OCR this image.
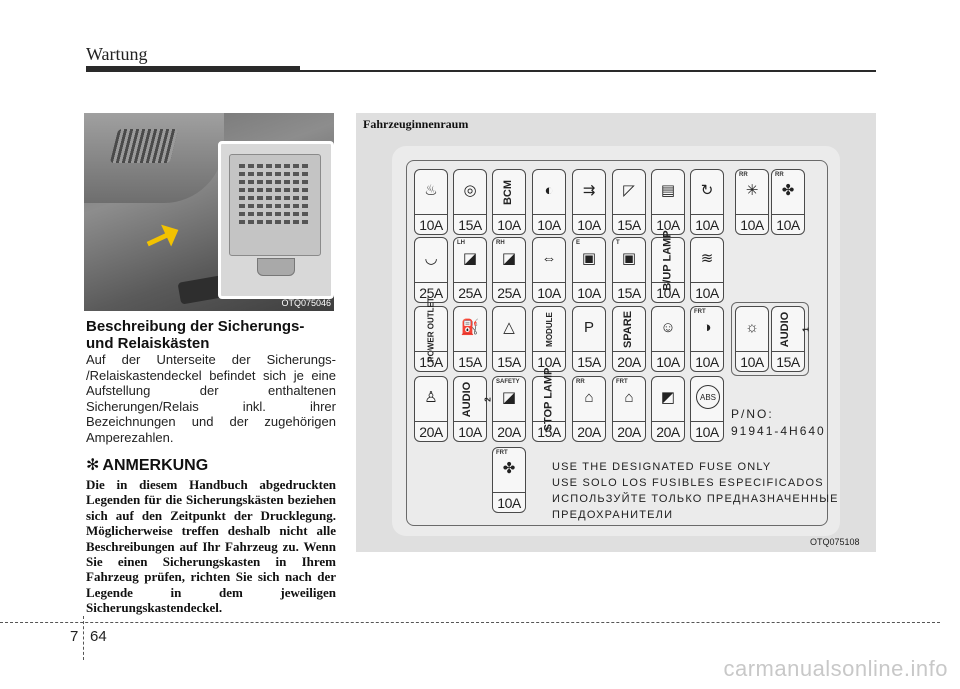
Wartung
OTQ075046
Beschreibung der Sicherungs- und Relaiskästen
Auf der Unterseite der Sicherungs- /Relaiskastendeckel befindet sich je eine Aufstellung der enthaltenen Sicherungen/Relais inkl. ihrer Bezeichnungen und der zugehörigen Amperezahlen.
✻ ANMERKUNG
Die in diesem Handbuch abgedruckten Legenden für die Sicherungskästen beziehen sich auf den Zeitpunkt der Drucklegung. Möglicherweise treffen deshalb nicht alle Beschreibungen auf Ihr Fahrzeug zu. Wenn Sie einen Sicherungskasten in Ihrem Fahrzeug prüfen, richten Sie sich nach der Legende in dem jeweiligen Sicherungskastendeckel.
Fahrzeuginnenraum
♨
10A
◎
15A
BCM
10A
◐
10A
⇉
10A
◸
15A
▤
10A
↻
10A
RR
✳
10A
RR
✤
10A
◡
25A
LH
◪
25A
RH
◪
25A
⇔
10A
E
▣
10A
T
▣
15A
B/UP LAMP
10A
≋
10A
POWER OUTLET
15A
⛽
15A
△
15A
MODULE
10A
P
15A
SPARE
20A
☺
10A
FRT
◑
10A
☼
10A
AUDIO 1
15A
♙
20A
AUDIO 2
10A
SAFETY
◪
20A
STOP LAMP
15A
RR
⌂
20A
FRT
⌂
20A
◩
20A
ABS
10A
FRT
✤
10A
P/NO:
91941-4H640
USE THE DESIGNATED FUSE ONLY
USE SOLO LOS FUSIBLES ESPECIFICADOS
ИСПОЛЬЗУЙТЕ ТОЛЬКО ПРЕДНАЗНАЧЕННЫЕ
ПРЕДОХРАНИТЕЛИ
OTQ075108
7 64
carmanualsonline.info
